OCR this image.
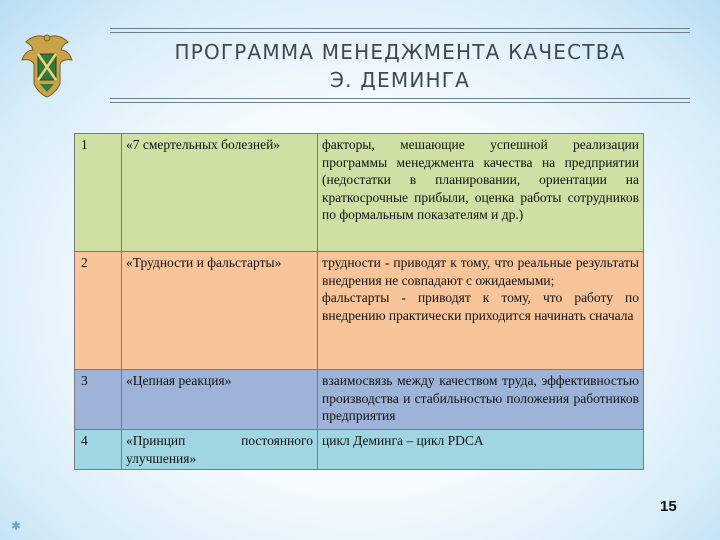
ПРОГРАММА МЕНЕДЖМЕНТА КАЧЕСТВА
Э. ДЕМИНГА
1	«7 смертельных болезней»	факторы, мешающие успешной реализации программы менеджмента качества на предприятии (недостатки в планировании, ориентации на краткосрочные прибыли, оценка работы сотрудников по формальным показателям и др.)
2	«Трудности и фальстарты»	трудности - приводят к тому, что реальные результаты внедрения не совпадают с ожидаемыми;
фальстарты - приводят к тому, что работу по внедрению практически приходится начинать сначала
3	«Цепная реакция»	взаимосвязь между качеством труда, эффективностью производства и стабильностью положения работников предприятия
4	«Принцип постоянного
улучшения»	цикл Деминга – цикл PDCA
15
✱
